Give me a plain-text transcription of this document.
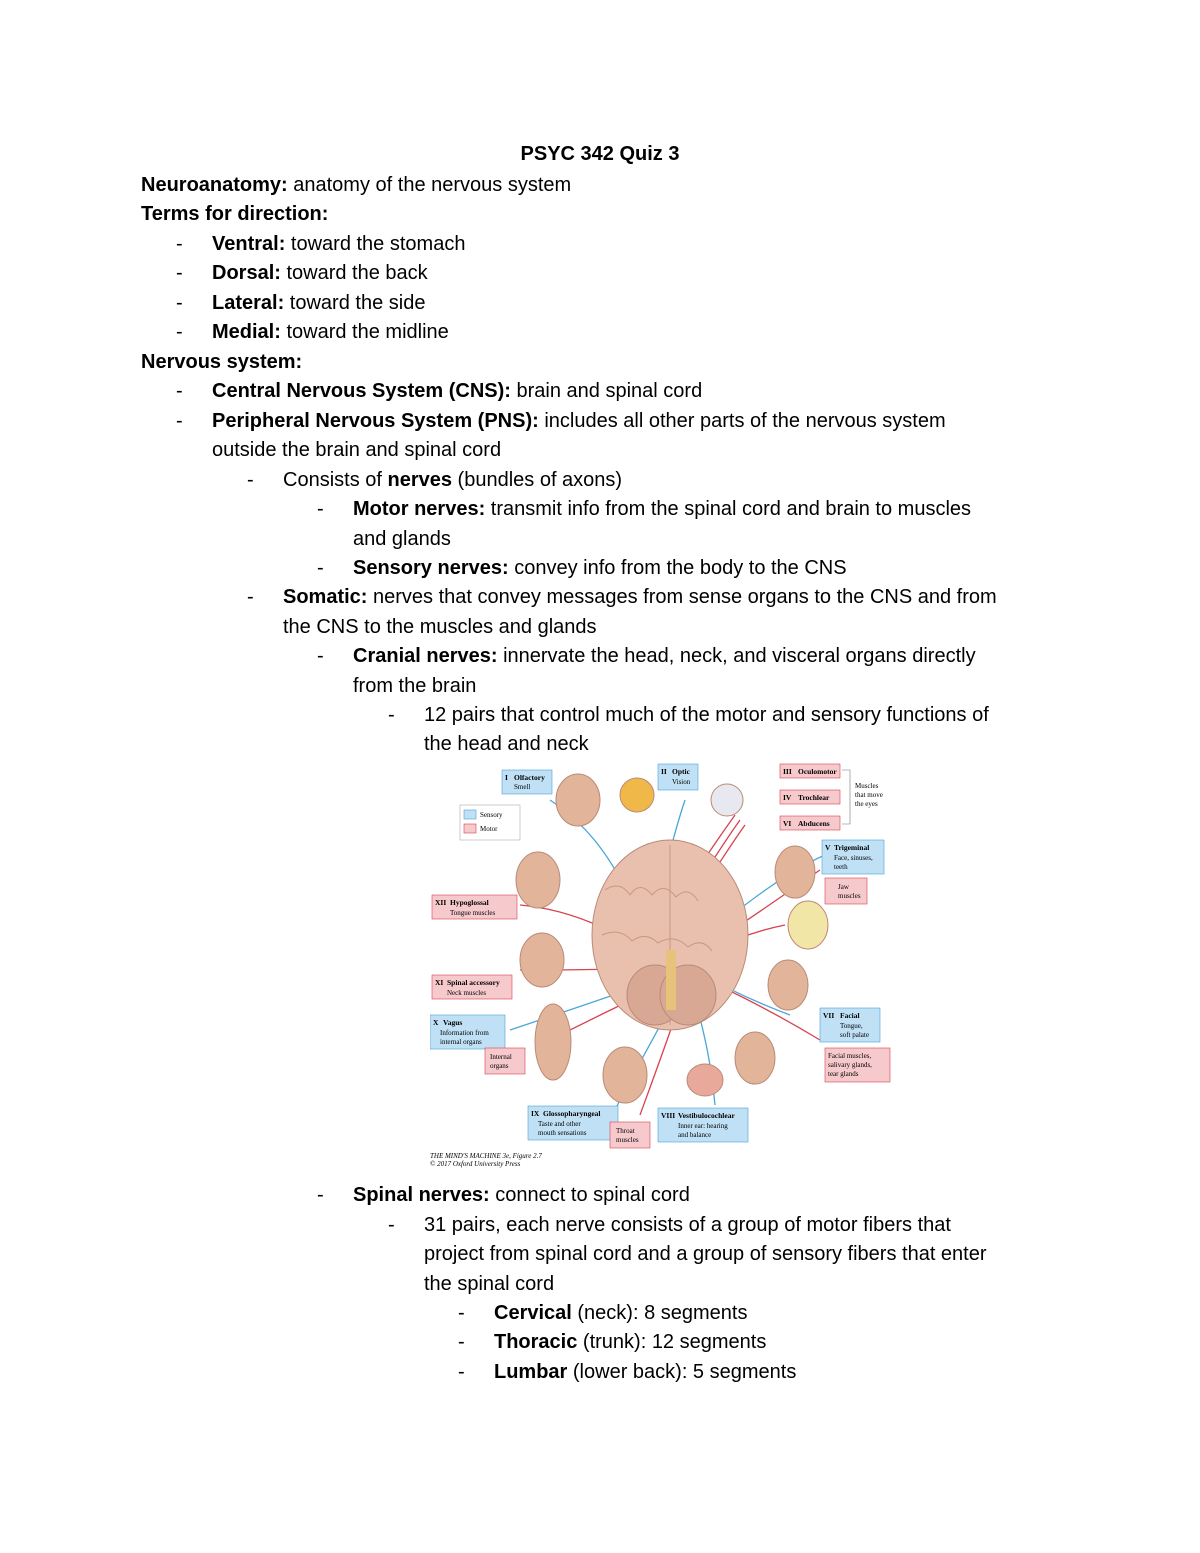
PSYC 342 Quiz 3
Neuroanatomy: anatomy of the nervous system
Terms for direction:
- Ventral: toward the stomach
- Dorsal: toward the back
- Lateral: toward the side
- Medial: toward the midline
Nervous system:
- Central Nervous System (CNS): brain and spinal cord
- Peripheral Nervous System (PNS): includes all other parts of the nervous system
outside the brain and spinal cord
- Consists of nerves (bundles of axons)
- Motor nerves: transmit info from the spinal cord and brain to muscles
and glands
- Sensory nerves: convey info from the body to the CNS
- Somatic: nerves that convey messages from sense organs to the CNS and from
the CNS to the muscles and glands
- Cranial nerves: innervate the head, neck, and visceral organs directly
from the brain
- 12 pairs that control much of the motor and sensory functions of
the head and neck
Sensory
Motor
I Olfactory
Smell
II Optic
Vision
III Oculomotor
IV Trochlear
VI Abducens
Muscles
that move
the eyes
V Trigeminal
Face, sinuses,
teeth
Jaw
muscles
XII Hypoglossal
Tongue muscles
XI Spinal accessory
Neck muscles
X Vagus
Information from
internal organs
Internal
organs
VII Facial
Tongue,
soft palate
Facial muscles,
salivary glands,
tear glands
IX Glossopharyngeal
Taste and other
mouth sensations	Throat
muscles
VIII Vestibulocochlear
Inner ear: hearing
and balance
THE MIND'S MACHINE 3e, Figure 2.7
© 2017 Oxford University Press
- Spinal nerves: connect to spinal cord
- 31 pairs, each nerve consists of a group of motor fibers that
project from spinal cord and a group of sensory fibers that enter
the spinal cord
- Cervical (neck): 8 segments
- Thoracic (trunk): 12 segments
- Lumbar (lower back): 5 segments
